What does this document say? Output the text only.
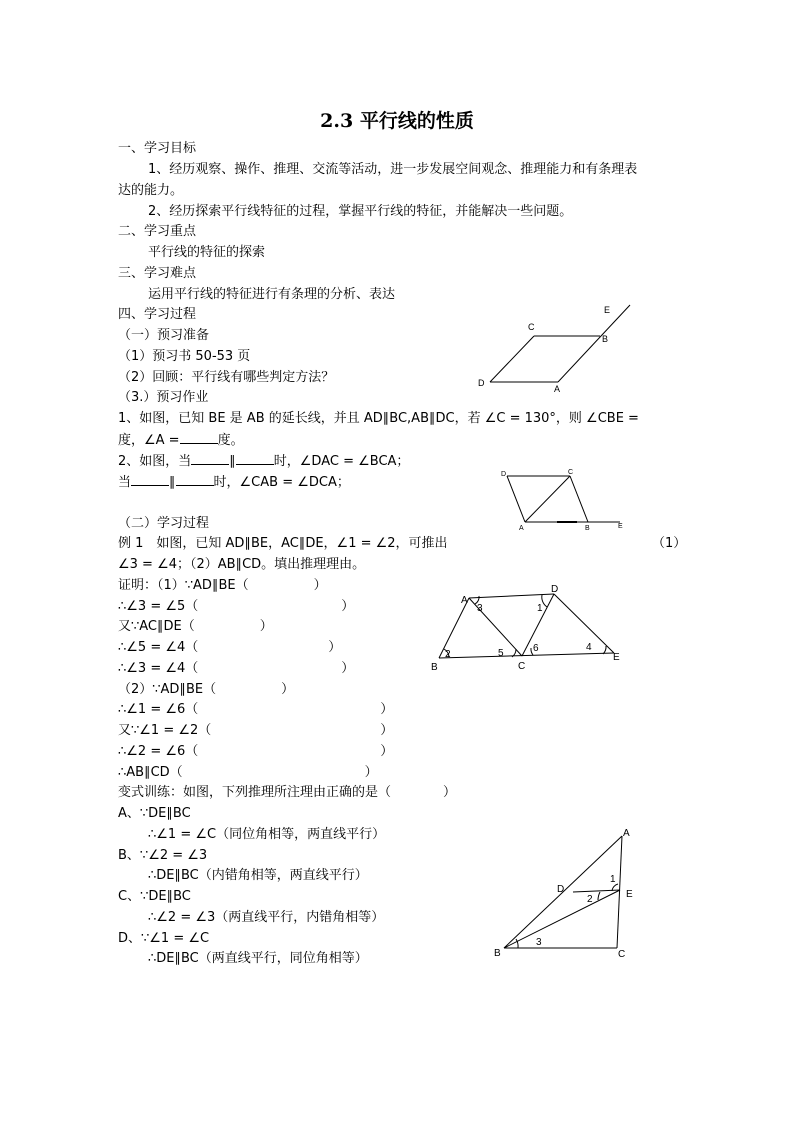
2.3 平行线的性质
一、学习目标
1、经历观察、操作、推理、交流等活动，进一步发展空间观念、推理能力和有条理表
达的能力。
2、经历探索平行线特征的过程，掌握平行线的特征，并能解决一些问题。
二、学习重点
平行线的特征的探索
三、学习难点
运用平行线的特征进行有条理的分析、表达
四、学习过程
（一）预习准备
（1）预习书 50-53 页
（2）回顾：平行线有哪些判定方法？
（3.）预习作业
1、如图，已知 BE 是 AB 的延长线，并且 AD∥BC,AB∥DC，若 ∠C = 130°，则 ∠CBE =
度，∠A =	度。
2、如图，当	∥	时，∠DAC = ∠BCA；
当	∥	时，∠CAB = ∠DCA；
（二）学习过程
例 1　如图，已知 AD∥BE，AC∥DE，∠1 = ∠2，可推出	（1）
∠3 = ∠4；（2）AB∥CD。填出推理理由。
证明：（1）∵AD∥BE（　　　　　）
∴∠3 = ∠5（　　　　　　　　　　　）
又∵AC∥DE（　　　　　）
∴∠5 = ∠4（　　　　　　　　　　）
∴∠3 = ∠4（　　　　　　　　　　　）
（2）∵AD∥BE（　　　　　）
∴∠1 = ∠6（　　　　　　　　　　　　　　）
又∵∠1 = ∠2（　　　　　　　　　　　　　）
∴∠2 = ∠6（　　　　　　　　　　　　　　）
∴AB∥CD（　　　　　　　　　　　　　　）
变式训练：如图，下列推理所注理由正确的是（　　　　）
A、∵DE∥BC
∴∠1 = ∠C（同位角相等，两直线平行）
B、∵∠2 = ∠3
∴DE∥BC（内错角相等，两直线平行）
C、∵DE∥BC
∴∠2 = ∠3（两直线平行，内错角相等）
D、∵∠1 = ∠C
∴DE∥BC（两直线平行，同位角相等）
D
A
C
B
E
D	C
A	B	E
A
D
B	C
E
1
2
3
4
5	6
A
B	C
D	E
1
2
3
